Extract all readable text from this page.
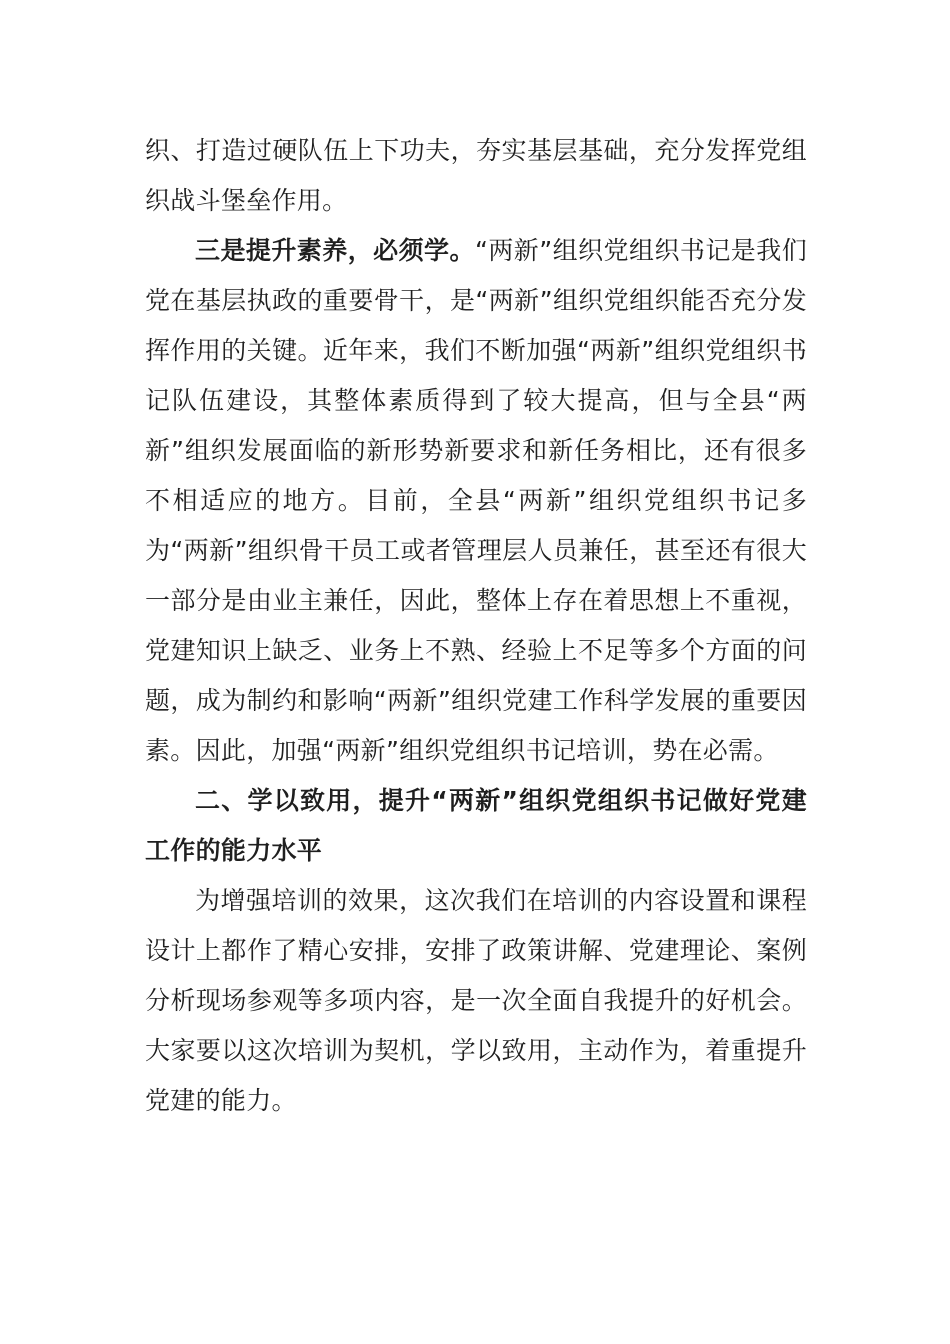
织、打造过硬队伍上下功夫，夯实基层基础，充分发挥党组织战斗堡垒作用。

三是提升素养，必须学。“两新”组织党组织书记是我们党在基层执政的重要骨干，是“两新”组织党组织能否充分发挥作用的关键。近年来，我们不断加强“两新”组织党组织书记队伍建设，其整体素质得到了较大提高，但与全县“两新”组织发展面临的新形势新要求和新任务相比，还有很多不相适应的地方。目前，全县“两新”组织党组织书记多为“两新”组织骨干员工或者管理层人员兼任，甚至还有很大一部分是由业主兼任，因此，整体上存在着思想上不重视，党建知识上缺乏、业务上不熟、经验上不足等多个方面的问题，成为制约和影响“两新”组织党建工作科学发展的重要因素。因此，加强“两新”组织党组织书记培训，势在必需。

二、学以致用，提升“两新”组织党组织书记做好党建工作的能力水平

为增强培训的效果，这次我们在培训的内容设置和课程设计上都作了精心安排，安排了政策讲解、党建理论、案例分析现场参观等多项内容，是一次全面自我提升的好机会。大家要以这次培训为契机，学以致用，主动作为，着重提升党建的能力。
